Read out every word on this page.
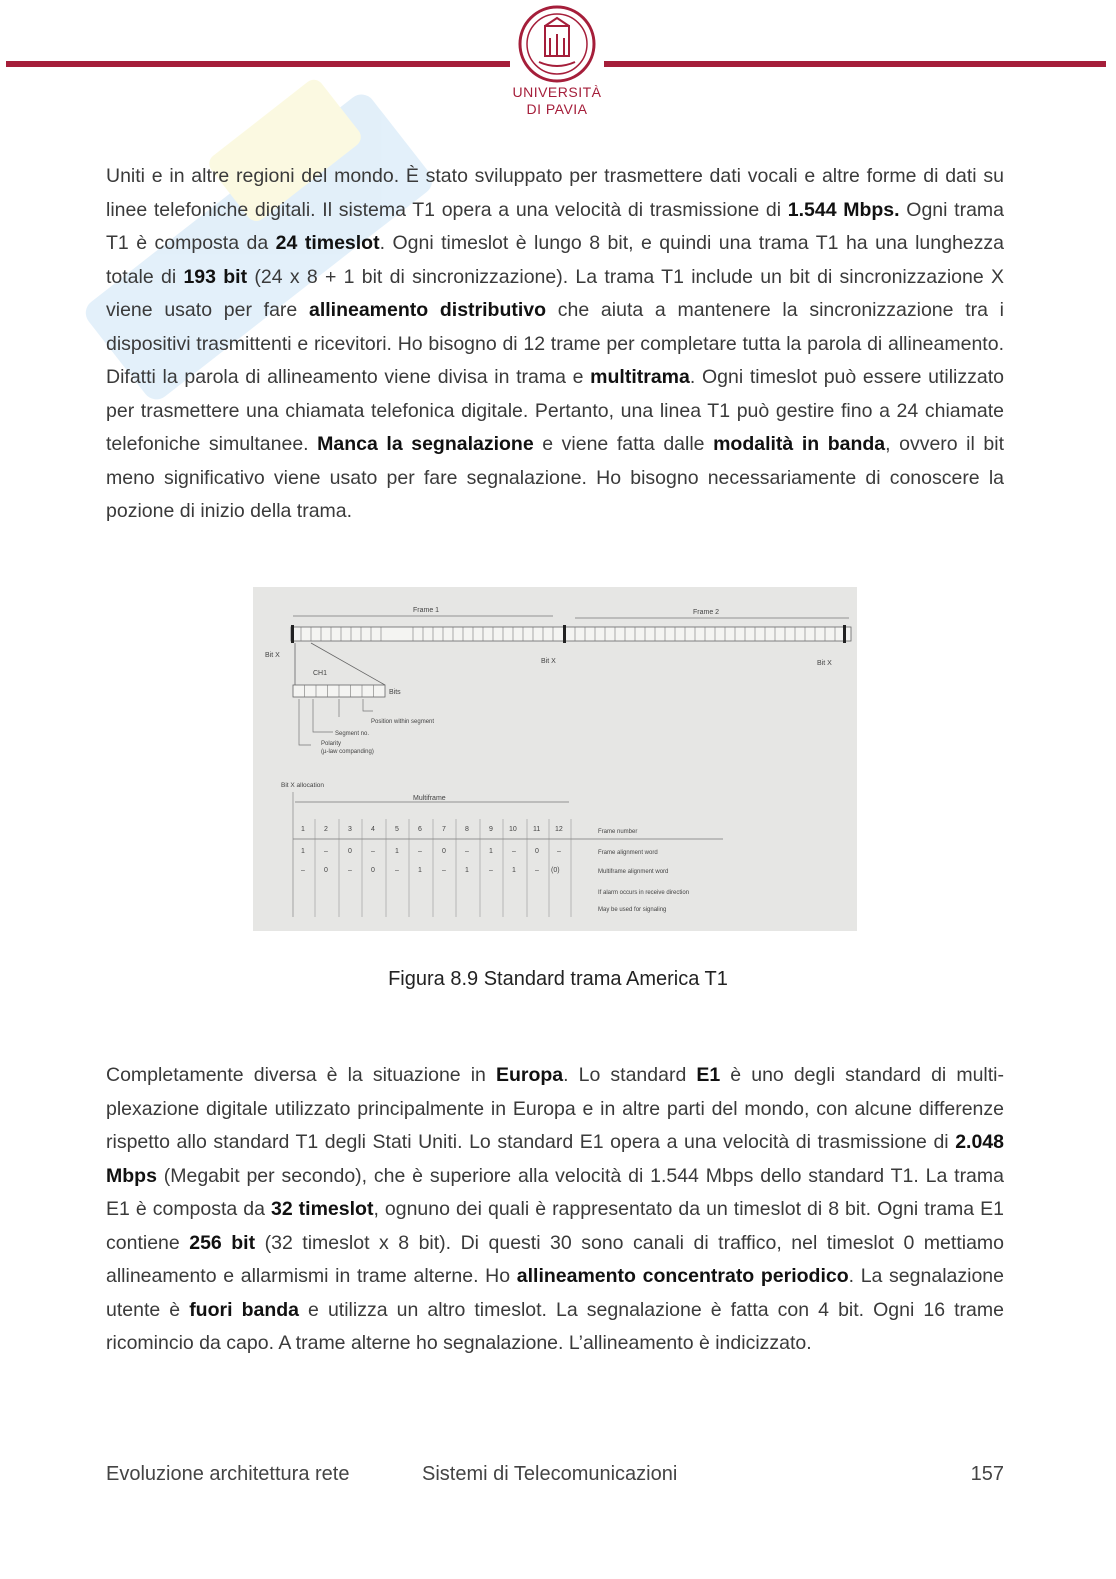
UNIVERSITÀ
DI PAVIA

Uniti e in altre regioni del mondo. È stato sviluppato per trasmettere dati vocali e altre forme di dati su linee telefoniche digitali. Il sistema T1 opera a una velocità di trasmissione di 1.544 Mbps. Ogni trama T1 è composta da 24 timeslot. Ogni timeslot è lungo 8 bit, e quindi una trama T1 ha una lunghezza totale di 193 bit (24 x 8 + 1 bit di sincronizzazione). La trama T1 include un bit di sincronizzazione X viene usato per fare allineamento distributivo che aiuta a mantenere la sincronizzazione tra i dispositivi trasmittenti e ricevitori. Ho bisogno di 12 trame per completare tutta la parola di allineamento. Difatti la parola di allineamento viene divisa in trama e multitrama. Ogni timeslot può essere utilizzato per trasmettere una chiamata telefonica digitale. Pertanto, una linea T1 può gestire fino a 24 chiamate telefoniche simultanee. Manca la segnalazione e viene fatta dalle modalità in banda, ovvero il bit meno significativo viene usato per fare segnalazione. Ho bisogno necessariamente di conoscere la pozione di inizio della trama.

Frame 1	Frame 2
Bit X
Bit X	Bit X
CH1
Bits
Position within segment
Segment no.
Polarity
(µ-law companding)
Bit X allocation
Multiframe
1	2	3	4	5	6	7	8	9 10 11 12
1	–	0	–	1	–	0	–	1	–	0	–
–	0	–	0	–	1	–	1	–	1	– (0)
Frame number
Frame alignment word
Multiframe alignment word
If alarm occurs in receive direction
May be used for signaling
Figura 8.9 Standard trama America T1

Completamente diversa è la situazione in Europa. Lo standard E1 è uno degli standard di multiplexazione digitale utilizzato principalmente in Europa e in altre parti del mondo, con alcune differenze rispetto allo standard T1 degli Stati Uniti. Lo standard E1 opera a una velocità di trasmissione di 2.048 Mbps (Megabit per secondo), che è superiore alla velocità di 1.544 Mbps dello standard T1. La trama E1 è composta da 32 timeslot, ognuno dei quali è rappresentato da un timeslot di 8 bit. Ogni trama E1 contiene 256 bit (32 timeslot x 8 bit). Di questi 30 sono canali di traffico, nel timeslot 0 mettiamo allineamento e allarmismi in trame alterne. Ho allineamento concentrato periodico. La segnalazione utente è fuori banda e utilizza un altro timeslot. La segnalazione è fatta con 4 bit. Ogni 16 trame ricomincio da capo. A trame alterne ho segnalazione. L’allineamento è indicizzato.

Evoluzione architettura rete	Sistemi di Telecomunicazioni	157
